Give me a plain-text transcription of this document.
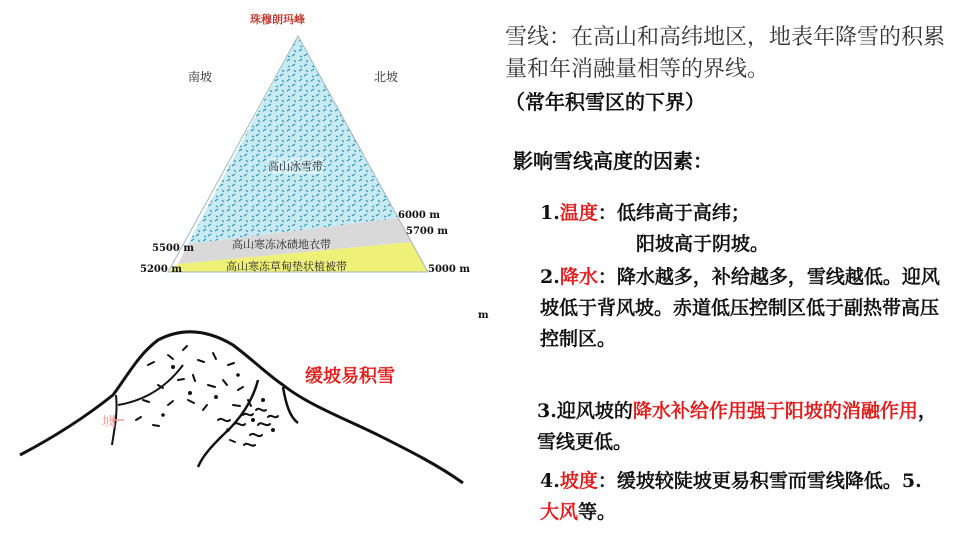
珠穆朗玛峰
南坡	北坡
高山冰雪带
高山寒冻冰碛地衣带
高山寒冻草甸垫状植被带
5500 m
5200 m
6000 m
5700 m
5000 m
m
坡
缓坡易积雪
雪线：在高山和高纬地区，地表年降雪的积累量和年消融量相等的界线。（常年积雪区的下界）
影响雪线高度的因素：
1.温度：低纬高于高纬；
阳坡高于阴坡。
2.降水：降水越多，补给越多，雪线越低。迎风坡低于背风坡。赤道低压控制区低于副热带高压控制区。
3.迎风坡的降水补给作用强于阳坡的消融作用，雪线更低。
4.坡度：缓坡较陡坡更易积雪而雪线降低。5.大风等。
